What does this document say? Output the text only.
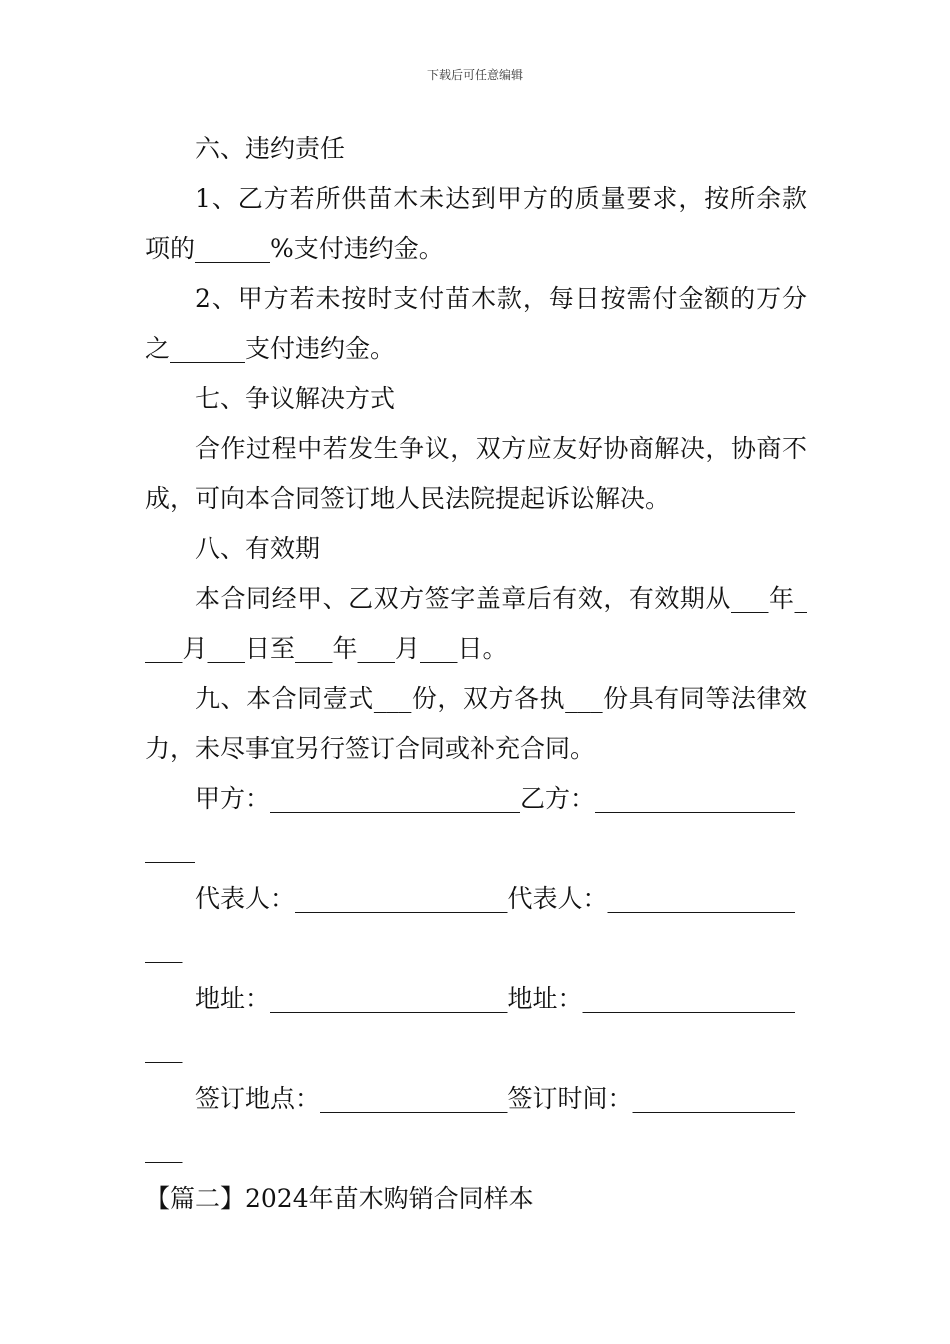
下载后可任意编辑

六、违约责任

1、乙方若所供苗木未达到甲方的质量要求，按所余款项的______%支付违约金。

2、甲方若未按时支付苗木款，每日按需付金额的万分之______支付违约金。

七、争议解决方式

合作过程中若发生争议，双方应友好协商解决，协商不成，可向本合同签订地人民法院提起诉讼解决。

八、有效期

本合同经甲、乙双方签字盖章后有效，有效期从___年____月___日至___年___月___日。

九、本合同壹式___份，双方各执___份具有同等法律效力，未尽事宜另行签订合同或补充合同。

甲方：____________________乙方：____________________

代表人：_________________代表人：__________________

地址：___________________地址：____________________

签订地点：_______________签订时间：________________

【篇二】2024年苗木购销合同样本
